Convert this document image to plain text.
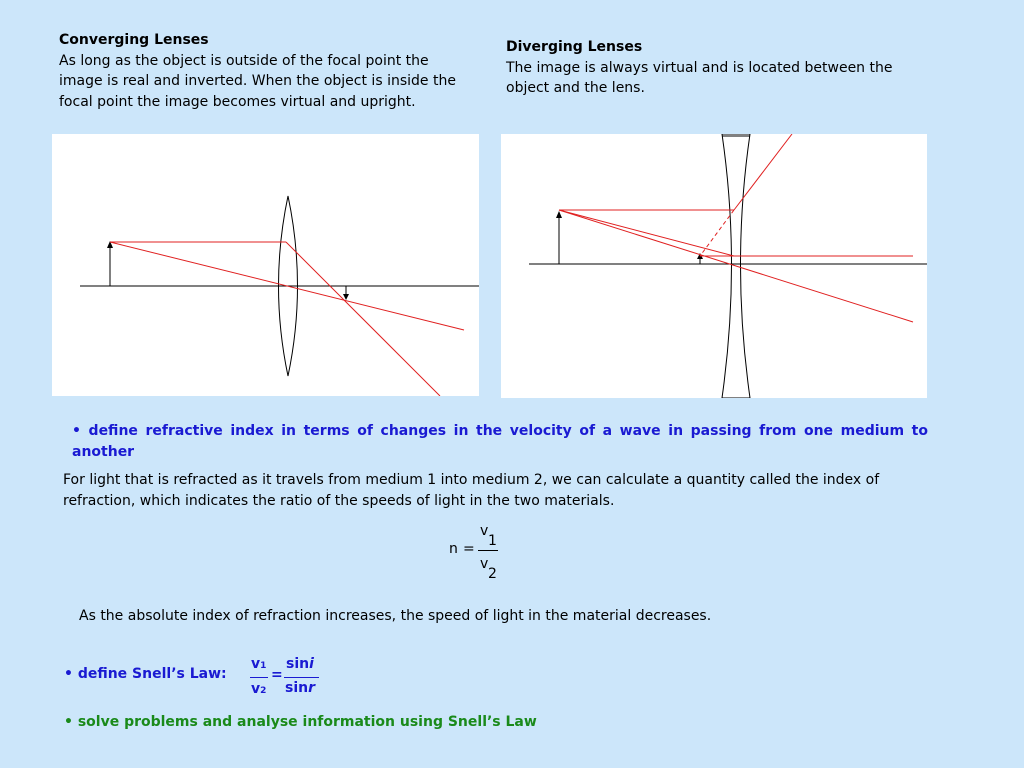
Converging Lenses
As long as the object is outside of the focal point the image is real and inverted. When the object is inside the focal point the image becomes virtual and upright.
Diverging Lenses
The image is always virtual and is located between the object and the lens.
• define refractive index in terms of changes in the velocity of a wave in passing from one medium to another
For light that is refracted as it travels from medium 1 into medium 2, we can calculate a quantity called the index of refraction, which indicates the ratio of the speeds of light in the two materials.
n =
v
1
v
2
As the absolute index of refraction increases, the speed of light in the material decreases.
• define Snell’s Law:
v1
v2
=
sini
sinr
• solve problems and analyse information using Snell’s Law
